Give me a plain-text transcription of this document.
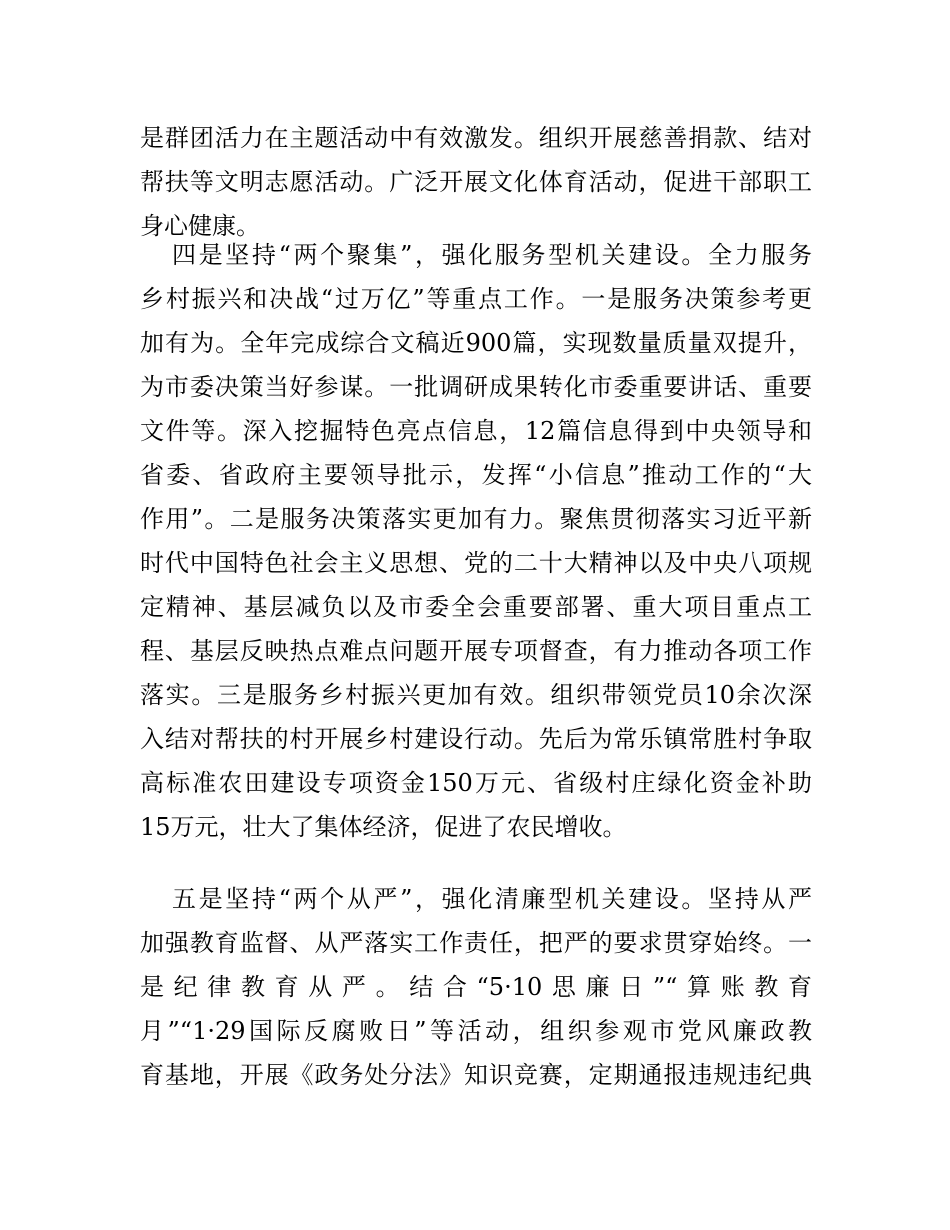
是群团活力在主题活动中有效激发。组织开展慈善捐款、结对
帮扶等文明志愿活动。广泛开展文化体育活动，促进干部职工
身心健康。
四是坚持“两个聚集”，强化服务型机关建设。全力服务
乡村振兴和决战“过万亿”等重点工作。一是服务决策参考更
加有为。全年完成综合文稿近900篇，实现数量质量双提升，
为市委决策当好参谋。一批调研成果转化市委重要讲话、重要
文件等。深入挖掘特色亮点信息，12篇信息得到中央领导和
省委、省政府主要领导批示，发挥“小信息”推动工作的“大
作用”。二是服务决策落实更加有力。聚焦贯彻落实习近平新
时代中国特色社会主义思想、党的二十大精神以及中央八项规
定精神、基层减负以及市委全会重要部署、重大项目重点工
程、基层反映热点难点问题开展专项督查，有力推动各项工作
落实。三是服务乡村振兴更加有效。组织带领党员10余次深
入结对帮扶的村开展乡村建设行动。先后为常乐镇常胜村争取
高标准农田建设专项资金150万元、省级村庄绿化资金补助
15万元，壮大了集体经济，促进了农民增收。
五是坚持“两个从严”，强化清廉型机关建设。坚持从严
加强教育监督、从严落实工作责任，把严的要求贯穿始终。一
是纪律教育从严。结合“5·10思廉日”“算账教育
月”“1·29国际反腐败日”等活动，组织参观市党风廉政教
育基地，开展《政务处分法》知识竞赛，定期通报违规违纪典
